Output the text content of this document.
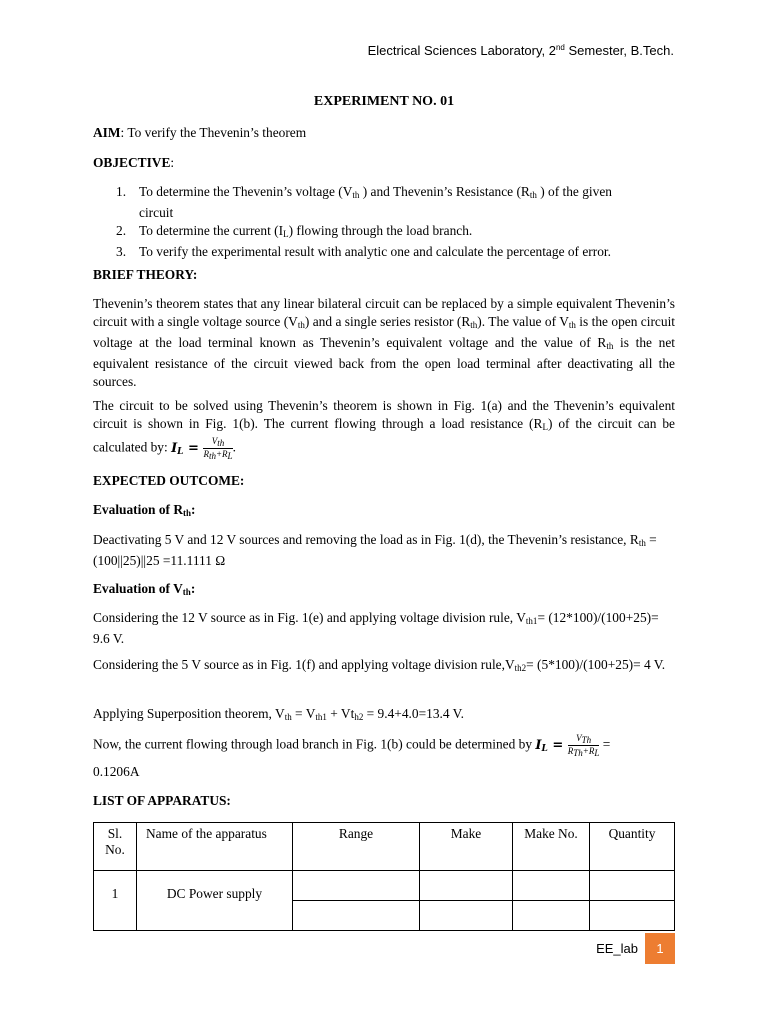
Electrical Sciences Laboratory, 2nd Semester, B.Tech.
EXPERIMENT NO. 01
AIM: To verify the Thevenin’s theorem
OBJECTIVE:
1. To determine the Thevenin’s voltage ($V_{th}$ ) and Thevenin’s Resistance ($R_{th}$ ) of the given
circuit
2. To determine the current $(I_L)$ flowing through the load branch.
3. To verify the experimental result with analytic one and calculate the percentage of error.
BRIEF THEORY:

Thevenin’s theorem states that any linear bilateral circuit can be replaced by a simple equivalent Thevenin’s circuit with a single voltage source $(V_{th})$ and a single series resistor $(R_{th})$. The value of $V_{th}$ is the open circuit voltage at the load terminal known as Thevenin’s equivalent voltage and the value of $R_{th}$ is the net equivalent resistance of the circuit viewed back from the open load terminal after deactivating all the sources.

The circuit to be solved using Thevenin’s theorem is shown in Fig. 1(a) and the Thevenin’s equivalent circuit is shown in Fig. 1(b). The current flowing through a load resistance $(R_L)$ of the circuit can be calculated by: $I_L = \frac{V_{th}}{R_{th}+R_L}$ .

EXPECTED OUTCOME:
Evaluation of $R_{th}$:

Deactivating 5 V and 12 V sources and removing the load as in Fig. 1(d), the Thevenin’s resistance, $R_{th} = (100||25)||25 =11.1111$ Ω

Evaluation of $V_{th}$:

Considering the 12 V source as in Fig. 1(e) and applying voltage division rule, $V_{th1}= (12*100)/(100+25)= 9.6$ V.

Considering the 5 V source as in Fig. 1(f) and applying voltage division $rule,V_{th2}= (5*100)/(100+25)= 4$ V.

Applying Superposition theorem, $V_{th} = V_{th1} + Vt_{h2} = 9.4+4.0=13.4$ V.

Now, the current flowing through load branch in Fig. 1(b) could be determined by $I_L = \frac{V_{Th}}{R_{Th}+R_L}$ =

0.1206A
LIST OF APPARATUS:
Sl. No.	Name of the apparatus	Range	Make	Make No.	Quantity
1	DC Power supply				

EE_lab	1
